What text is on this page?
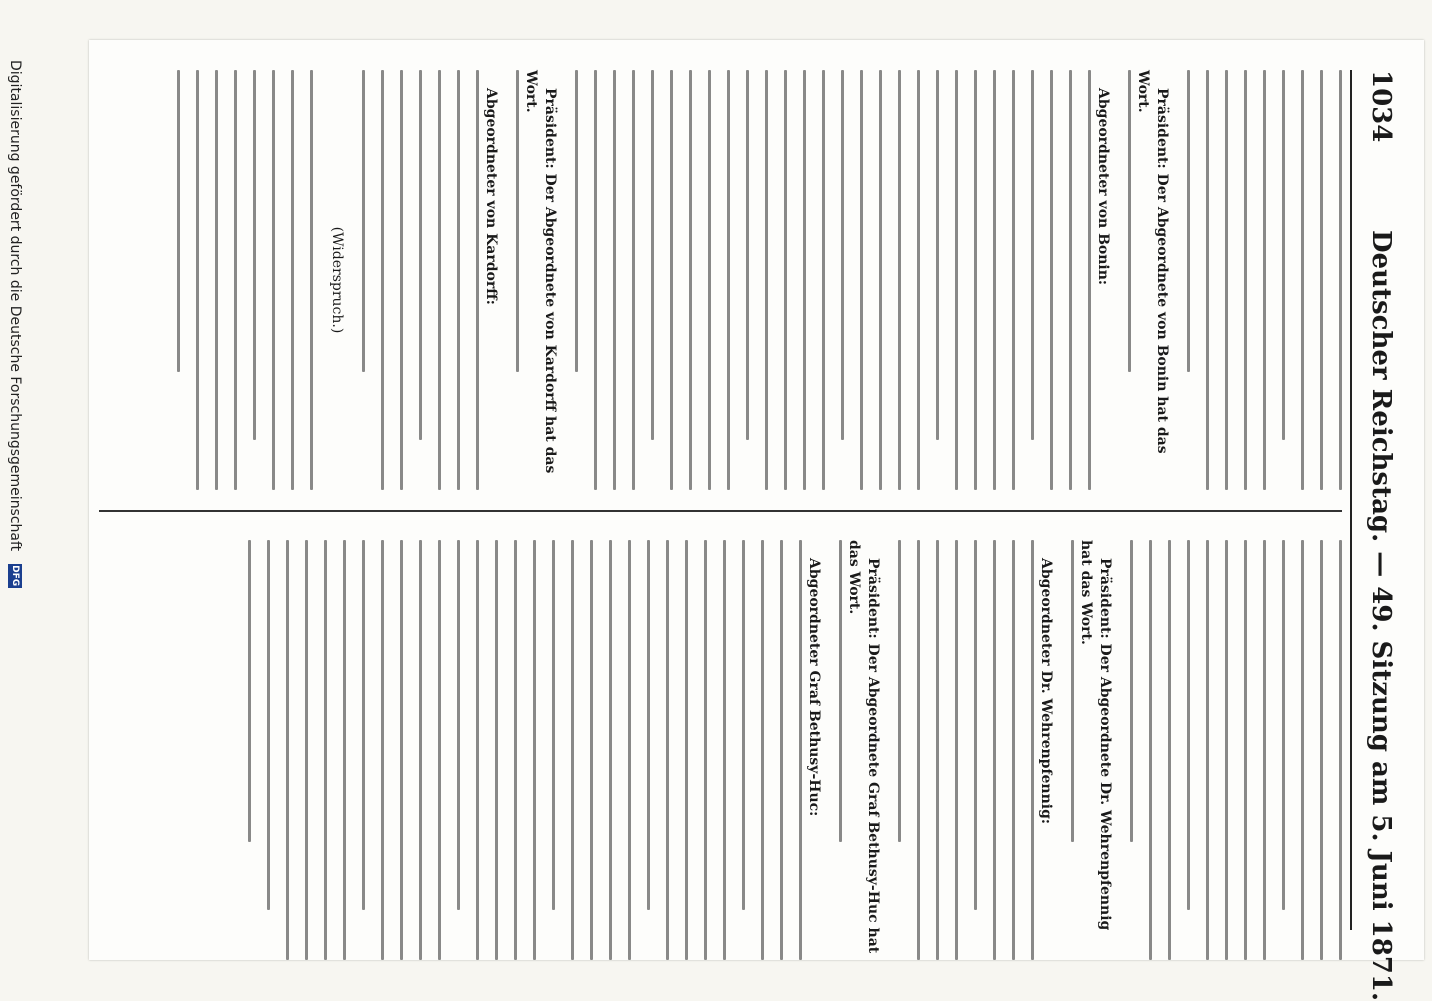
1034
Deutscher Reichstag. — 49. Sitzung am 5. Juni 1871.
Präsident: Der Abgeordnete von Bonin hat das Wort.
Abgeordneter von Bonin:
Präsident: Der Abgeordnete von Kardorff hat das Wort.
Abgeordneter von Kardorff:
(Widerspruch.)
Präsident: Der Abgeordnete Dr. Wehrenpfennig hat das Wort.
Abgeordneter Dr. Wehrenpfennig:
Präsident: Der Abgeordnete Graf Bethusy-Huc hat das Wort.
Abgeordneter Graf Bethusy-Huc:
Digitalisierung gefördert durch die Deutsche Forschungsgemeinschaft DFG
